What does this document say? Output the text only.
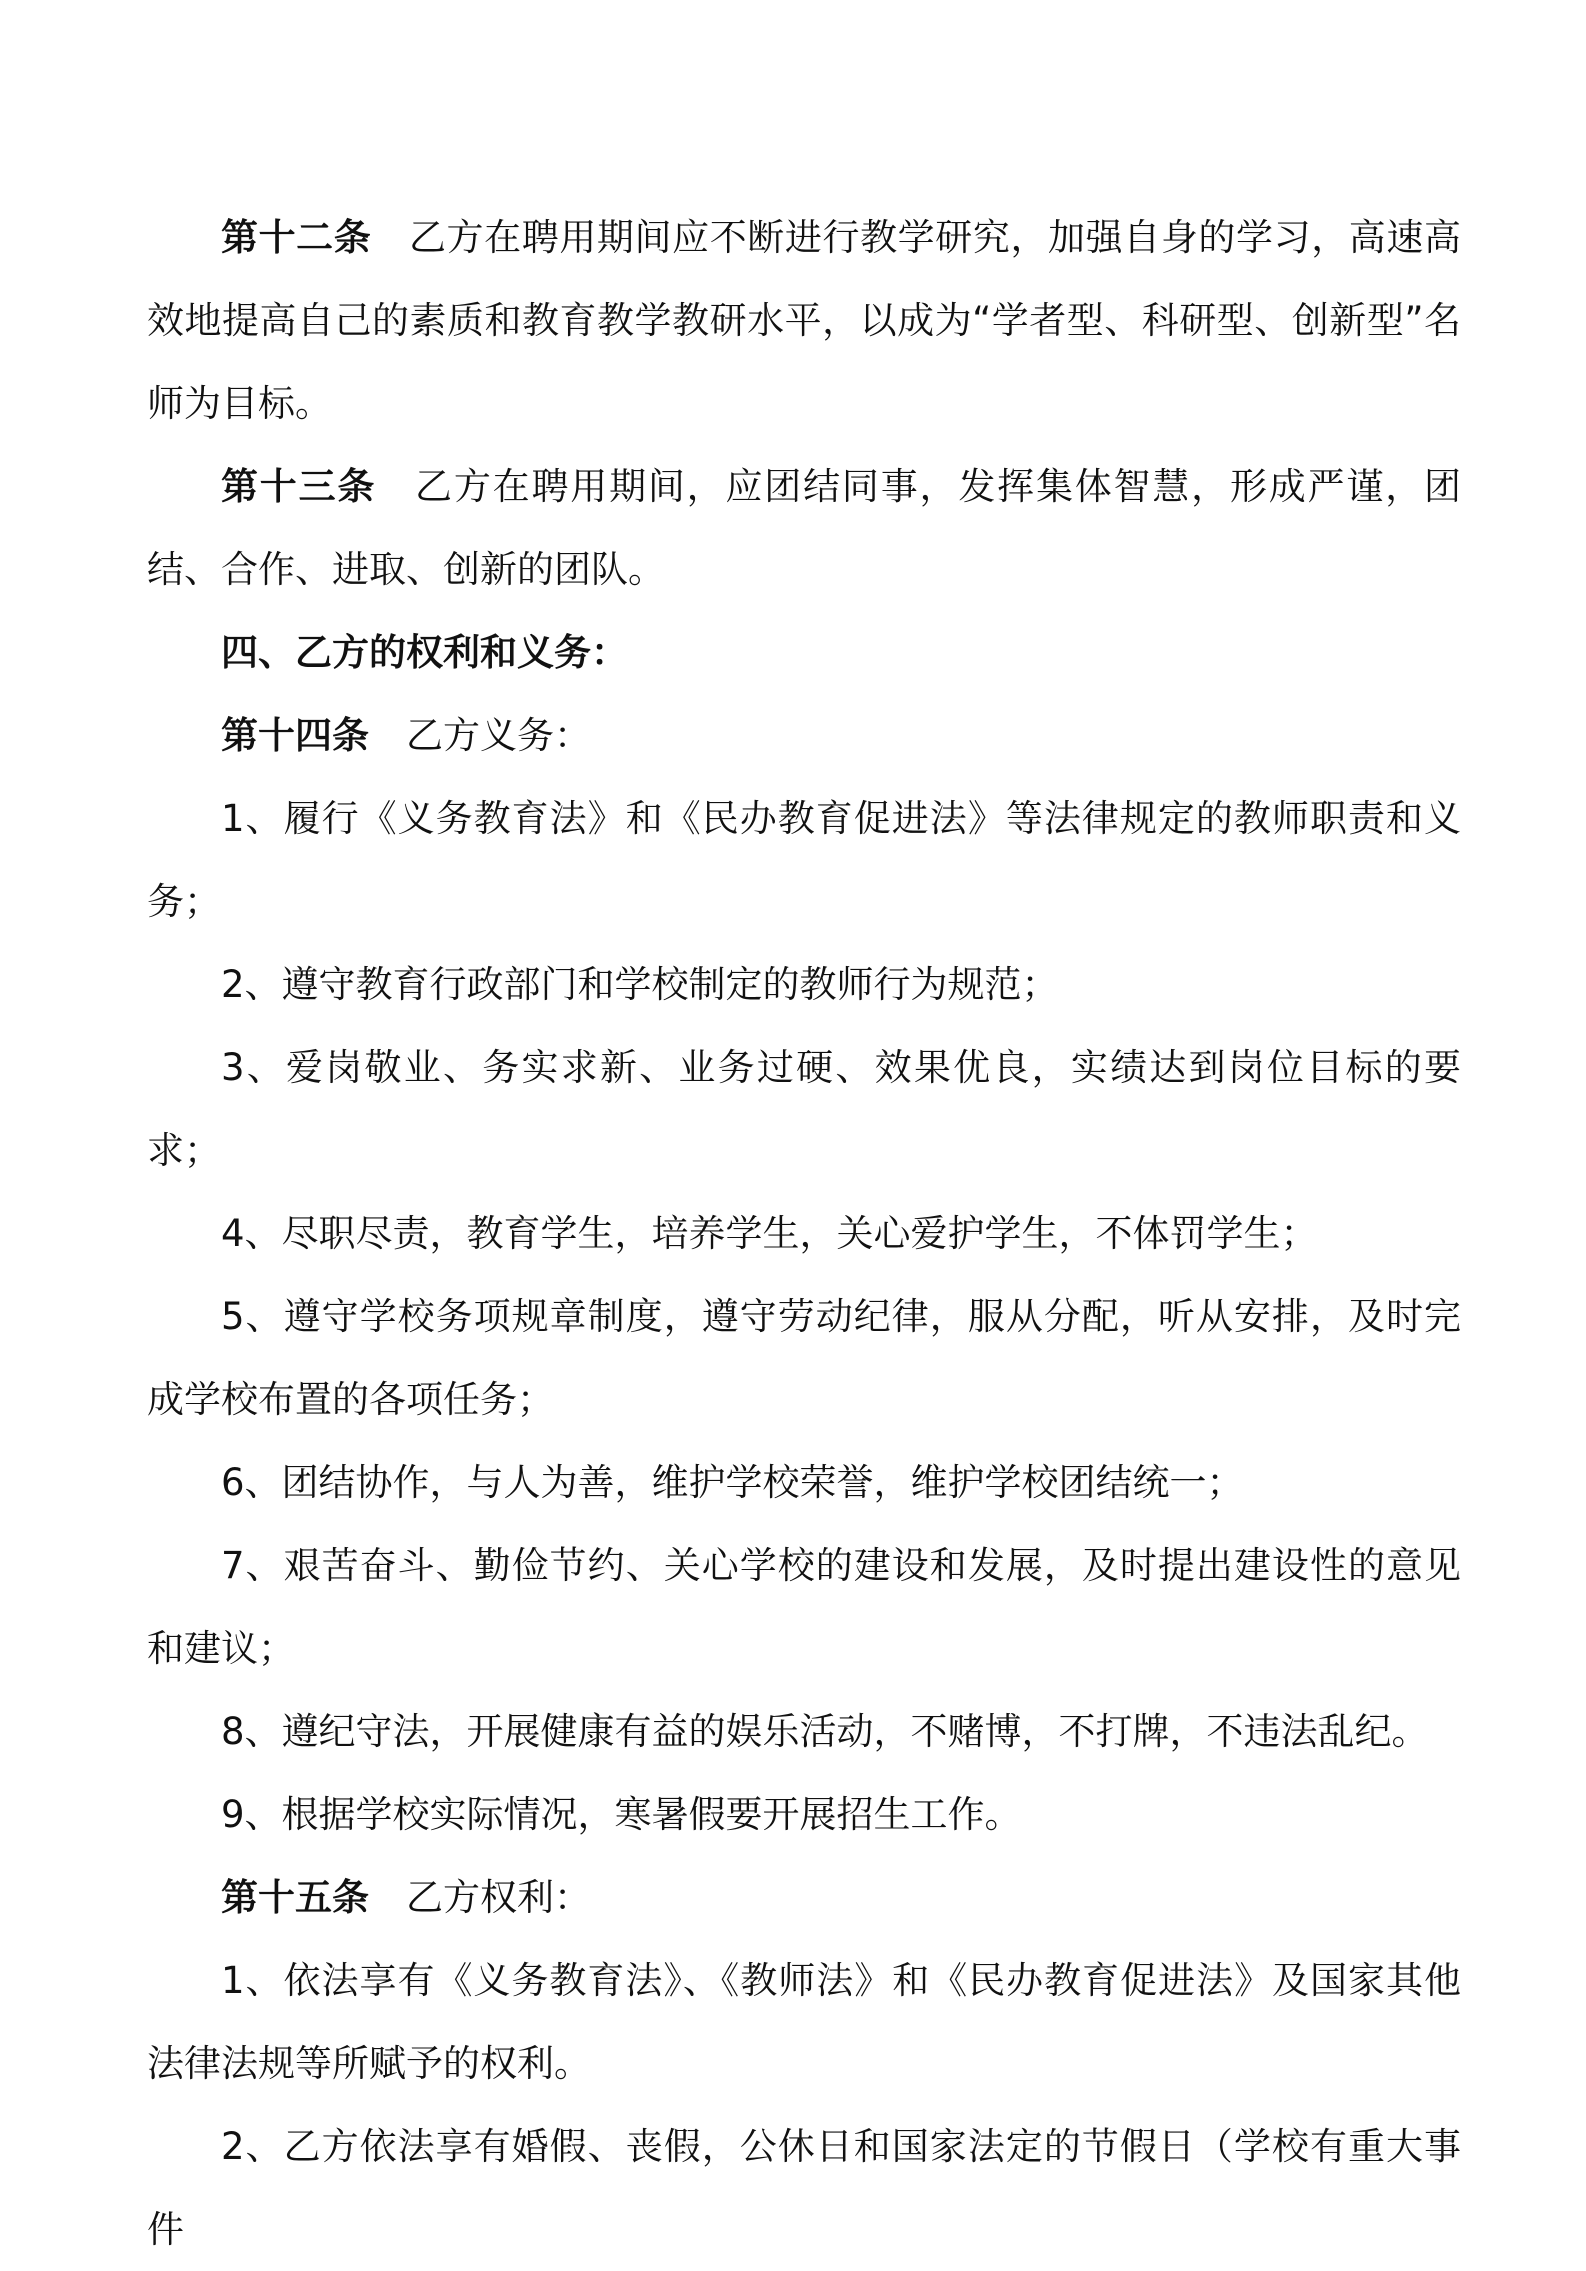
第十二条 乙方在聘用期间应不断进行教学研究，加强自身的学习，高速高效地提高自己的素质和教育教学教研水平，以成为“学者型、科研型、创新型”名师为目标。

第十三条 乙方在聘用期间，应团结同事，发挥集体智慧，形成严谨，团结、合作、进取、创新的团队。

四、乙方的权利和义务：

第十四条 乙方义务：

1、履行《义务教育法》和《民办教育促进法》等法律规定的教师职责和义务；

2、遵守教育行政部门和学校制定的教师行为规范；

3、爱岗敬业、务实求新、业务过硬、效果优良，实绩达到岗位目标的要求；

4、尽职尽责，教育学生，培养学生，关心爱护学生，不体罚学生；

5、遵守学校务项规章制度，遵守劳动纪律，服从分配，听从安排，及时完成学校布置的各项任务；

6、团结协作，与人为善，维护学校荣誉，维护学校团结统一；

7、艰苦奋斗、勤俭节约、关心学校的建设和发展，及时提出建设性的意见和建议；

8、遵纪守法，开展健康有益的娱乐活动，不赌博，不打牌，不违法乱纪。

9、根据学校实际情况，寒暑假要开展招生工作。

第十五条 乙方权利：

1、依法享有《义务教育法》、《教师法》和《民办教育促进法》及国家其他法律法规等所赋予的权利。

2、乙方依法享有婚假、丧假，公休日和国家法定的节假日（学校有重大事件
